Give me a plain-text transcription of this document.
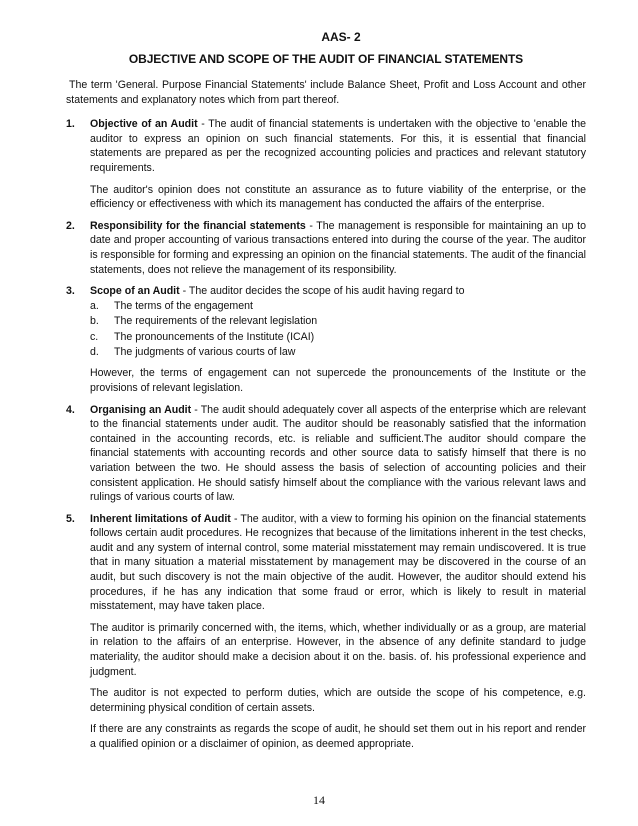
AAS- 2
OBJECTIVE AND SCOPE OF THE AUDIT OF FINANCIAL STATEMENTS

The term 'General. Purpose Financial Statements' include Balance Sheet, Profit and Loss Account and other statements and explanatory notes which from part thereof.

1.	Objective of an Audit - The audit of financial statements is undertaken with the objective to 'enable the auditor to express an opinion on such financial statements. For this, it is essential that financial statements are prepared as per the recognized accounting policies and practices and relevant statutory requirements.

The auditor's opinion does not constitute an assurance as to future viability of the enterprise, or the efficiency or effectiveness with which its management has conducted the affairs of the enterprise.

2.	Responsibility for the financial statements - The management is responsible for maintaining an up to date and proper accounting of various transactions entered into during the course of the year. The auditor is responsible for forming and expressing an opinion on the financial statements. The audit of the financial statements, does not relieve the management of its responsibility.

3.	Scope of an Audit - The auditor decides the scope of his audit having regard to

a.	The terms of the engagement
b.	The requirements of the relevant legislation
c.	The pronouncements of the Institute (ICAI)
d.	The judgments of various courts of law

However, the terms of engagement can not supercede the pronouncements of the Institute or the provisions of relevant legislation.

4.	Organising an Audit - The audit should adequately cover all aspects of the enterprise which are relevant to the financial statements under audit. The auditor should be reasonably satisfied that the information contained in the accounting records, etc. is reliable and sufficient.The auditor should compare the financial statements with accounting records and other source data to satisfy himself that there is no variation between the two. He should assess the basis of selection of accounting policies and their consistent application. He should satisfy himself about the compliance with the various relevant laws and rulings of various courts of law.

5.	Inherent limitations of Audit - The auditor, with a view to forming his opinion on the financial statements follows certain audit procedures. He recognizes that because of the limitations inherent in the test checks, audit and any system of internal control, some material misstatement may remain undiscovered. It is true that in many situation a material misstatement by management may be discovered in the course of an audit, but such discovery is not the main objective of the audit. However, the auditor should extend his procedures, if he has any indication that some fraud or error, which is likely to result in material misstatement, may have taken place.

The auditor is primarily concerned with, the items, which, whether individually or as a group, are material in relation to the affairs of an enterprise. However, in the absence of any definite standard to judge materiality, the auditor should make a decision about it on the. basis. of. his professional experience and judgment.

The auditor is not expected to perform duties, which are outside the scope of his competence, e.g. determining physical condition of certain assets.

If there are any constraints as regards the scope of audit, he should set them out in his report and render a qualified opinion or a disclaimer of opinion, as deemed appropriate.

14
